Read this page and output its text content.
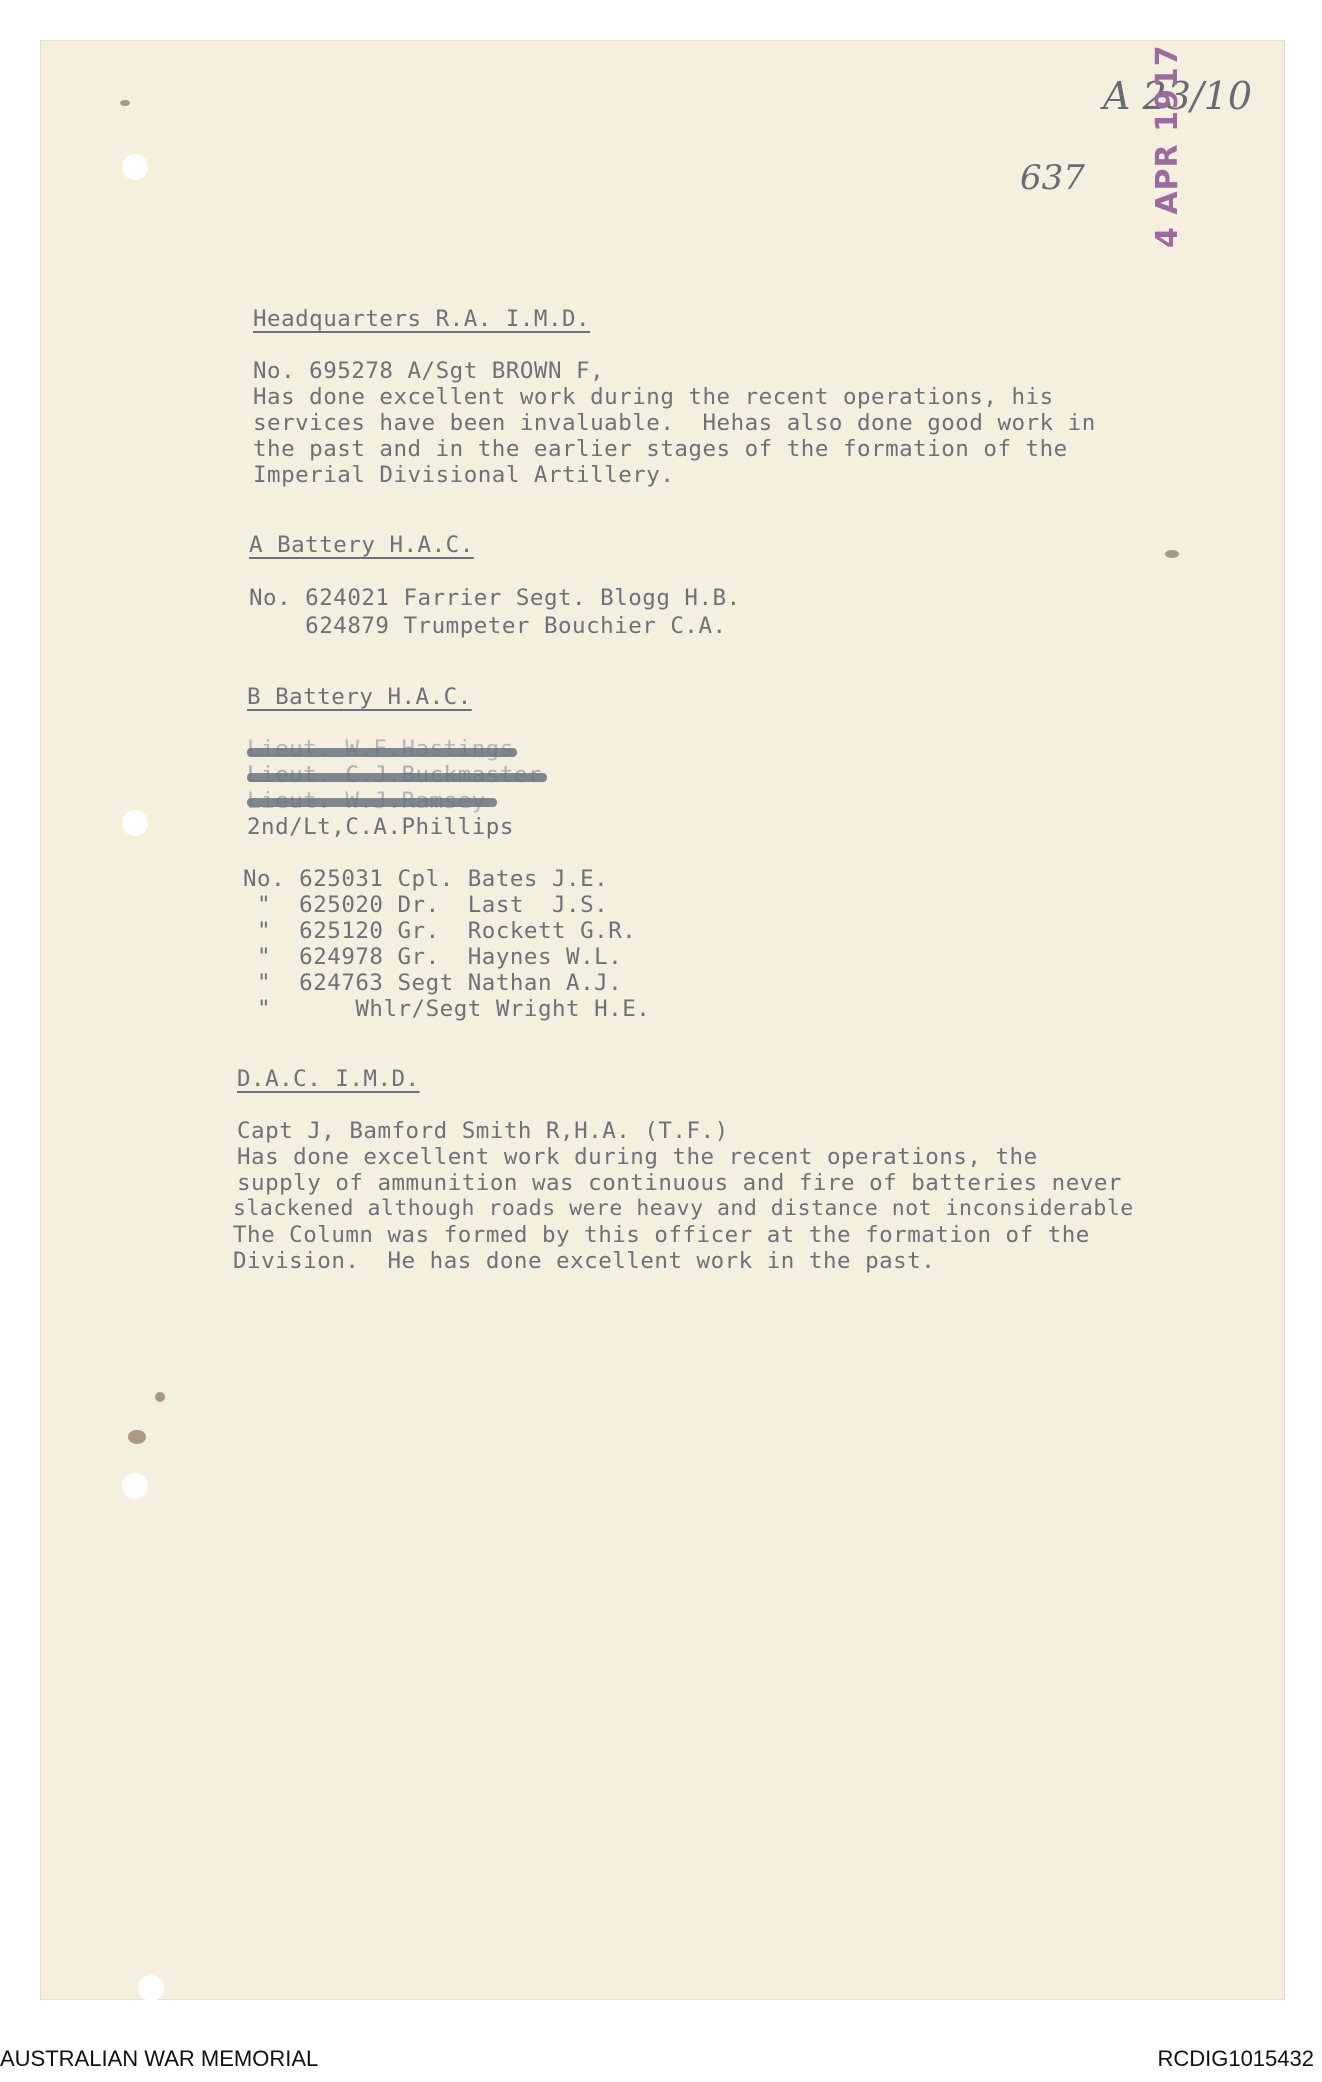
A 23/10
637 4 APR 1917
Headquarters R.A. I.M.D.
No. 695278 A/Sgt BROWN F,
Has done excellent work during the recent operations, his
services have been invaluable.  Hehas also done good work in
the past and in the earlier stages of the formation of the
Imperial Divisional Artillery.
A Battery H.A.C.
No. 624021 Farrier Segt. Blogg H.B.
624879 Trumpeter Bouchier C.A.
B Battery H.A.C.
2nd/Lt,C.A.Phillips
No. 625031 Cpl. Bates J.E.
"  625020 Dr.  Last  J.S.
"  625120 Gr.  Rockett G.R.
"  624978 Gr.  Haynes W.L.
"  624763 Segt Nathan A.J.
"      Whlr/Segt Wright H.E.
D.A.C. I.M.D.
Capt J, Bamford Smith R,H.A. (T.F.)
Has done excellent work during the recent operations, the
supply of ammunition was continuous and fire of batteries never
slackened although roads were heavy and distance not inconsiderable
The Column was formed by this officer at the formation of the
Division.  He has done excellent work in the past.
AUSTRALIAN WAR MEMORIAL	RCDIG1015432
